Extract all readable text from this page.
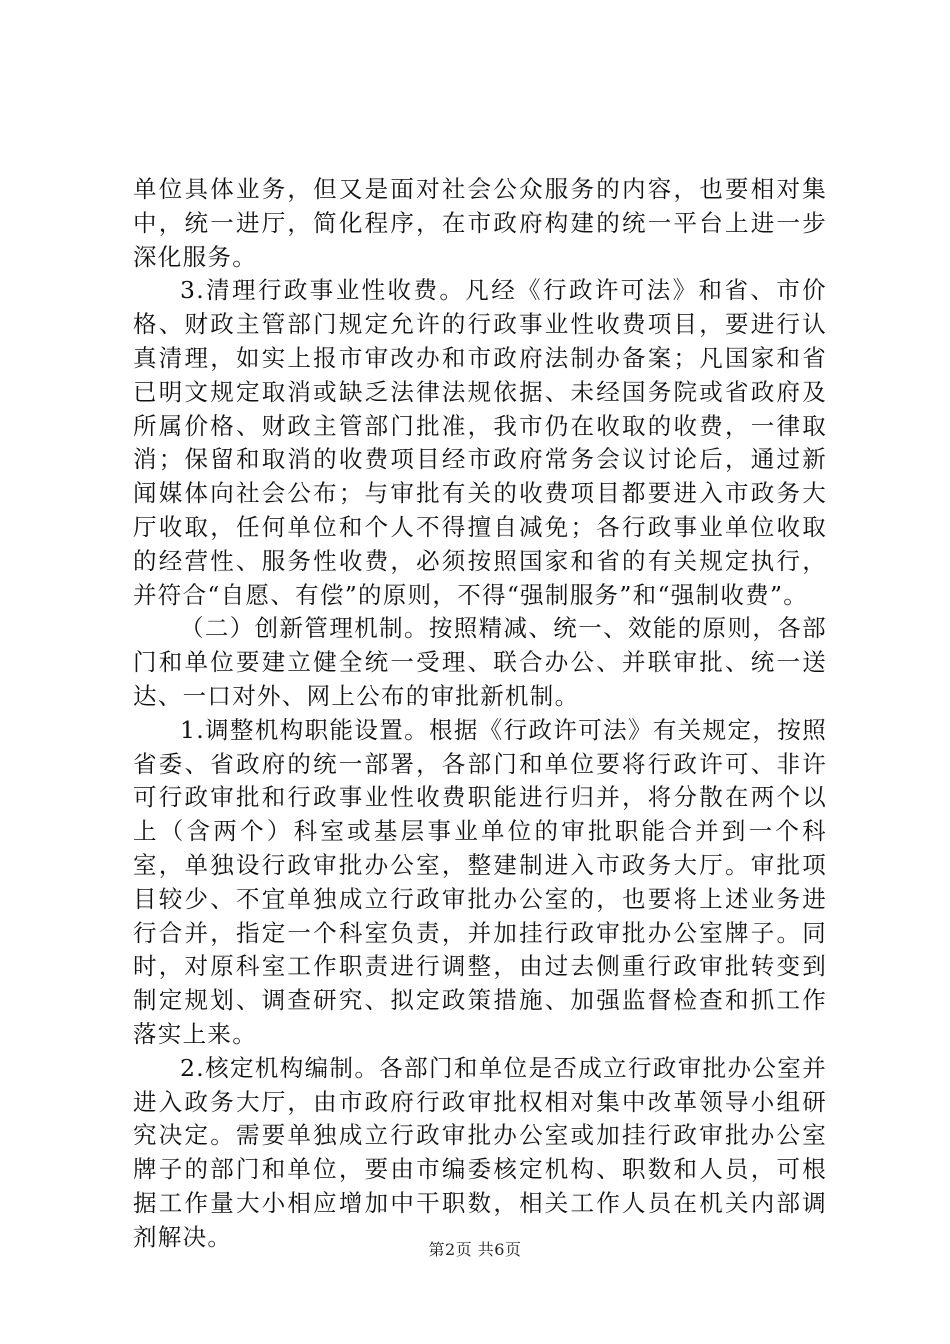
单位具体业务，但又是面对社会公众服务的内容，也要相对集中，统一进厅，简化程序，在市政府构建的统一平台上进一步深化服务。

3.清理行政事业性收费。凡经《行政许可法》和省、市价格、财政主管部门规定允许的行政事业性收费项目，要进行认真清理，如实上报市审改办和市政府法制办备案；凡国家和省已明文规定取消或缺乏法律法规依据、未经国务院或省政府及所属价格、财政主管部门批准，我市仍在收取的收费，一律取消；保留和取消的收费项目经市政府常务会议讨论后，通过新闻媒体向社会公布；与审批有关的收费项目都要进入市政务大厅收取，任何单位和个人不得擅自减免；各行政事业单位收取的经营性、服务性收费，必须按照国家和省的有关规定执行，并符合“自愿、有偿”的原则，不得“强制服务”和“强制收费”。

（二）创新管理机制。按照精减、统一、效能的原则，各部门和单位要建立健全统一受理、联合办公、并联审批、统一送达、一口对外、网上公布的审批新机制。

1.调整机构职能设置。根据《行政许可法》有关规定，按照省委、省政府的统一部署，各部门和单位要将行政许可、非许可行政审批和行政事业性收费职能进行归并，将分散在两个以上（含两个）科室或基层事业单位的审批职能合并到一个科室，单独设行政审批办公室，整建制进入市政务大厅。审批项目较少、不宜单独成立行政审批办公室的，也要将上述业务进行合并，指定一个科室负责，并加挂行政审批办公室牌子。同时，对原科室工作职责进行调整，由过去侧重行政审批转变到制定规划、调查研究、拟定政策措施、加强监督检查和抓工作落实上来。

2.核定机构编制。各部门和单位是否成立行政审批办公室并进入政务大厅，由市政府行政审批权相对集中改革领导小组研究决定。需要单独成立行政审批办公室或加挂行政审批办公室牌子的部门和单位，要由市编委核定机构、职数和人员，可根据工作量大小相应增加中干职数，相关工作人员在机关内部调剂解决。	第2页 共6页
